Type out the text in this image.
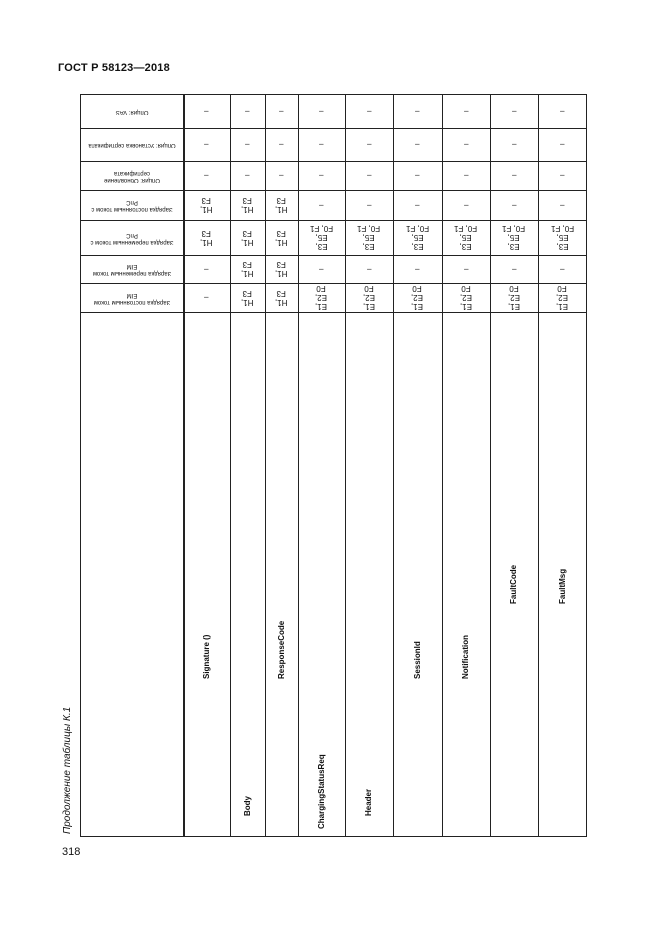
ГОСТ Р 58123—2018
Продолжение таблицы К.1
318
Опция: VAS
Опция: Установка сертификата
Опция: Обновление сертификата
Зарядка постоянным током с PnC
Зарядка переменным током с PnC
Зарядка переменным током EIM
Зарядка постоянным током EIM
–
–
–
H1,
F3
H1,
F3
–
–
Signature ()
–
–
–
H1,
F3
H1,
F3
H1,
F3
H1,
F3
Body
–
–
–
H1,
F3
H1,
F3
H1,
F3
H1,
F3
ResponseCode
–
–
–
–
E3,
E5,
F0, F1
–
E1,
E2,
F0
ChargingStatusReq
–
–
–
–
E3,
E5,
F0, F1
–
E1,
E2,
F0
Header
–
–
–
–
E3,
E5,
F0, F1
–
E1,
E2,
F0
SessionId
–
–
–
–
E3,
E5,
F0, F1
–
E1,
E2,
F0
Notification
–
–
–
–
E3,
E5,
F0, F1
–
E1,
E2,
F0
FaultCode
–
–
–
–
E3,
E5,
F0, F1
–
E1,
E2,
F0
FaultMsg
